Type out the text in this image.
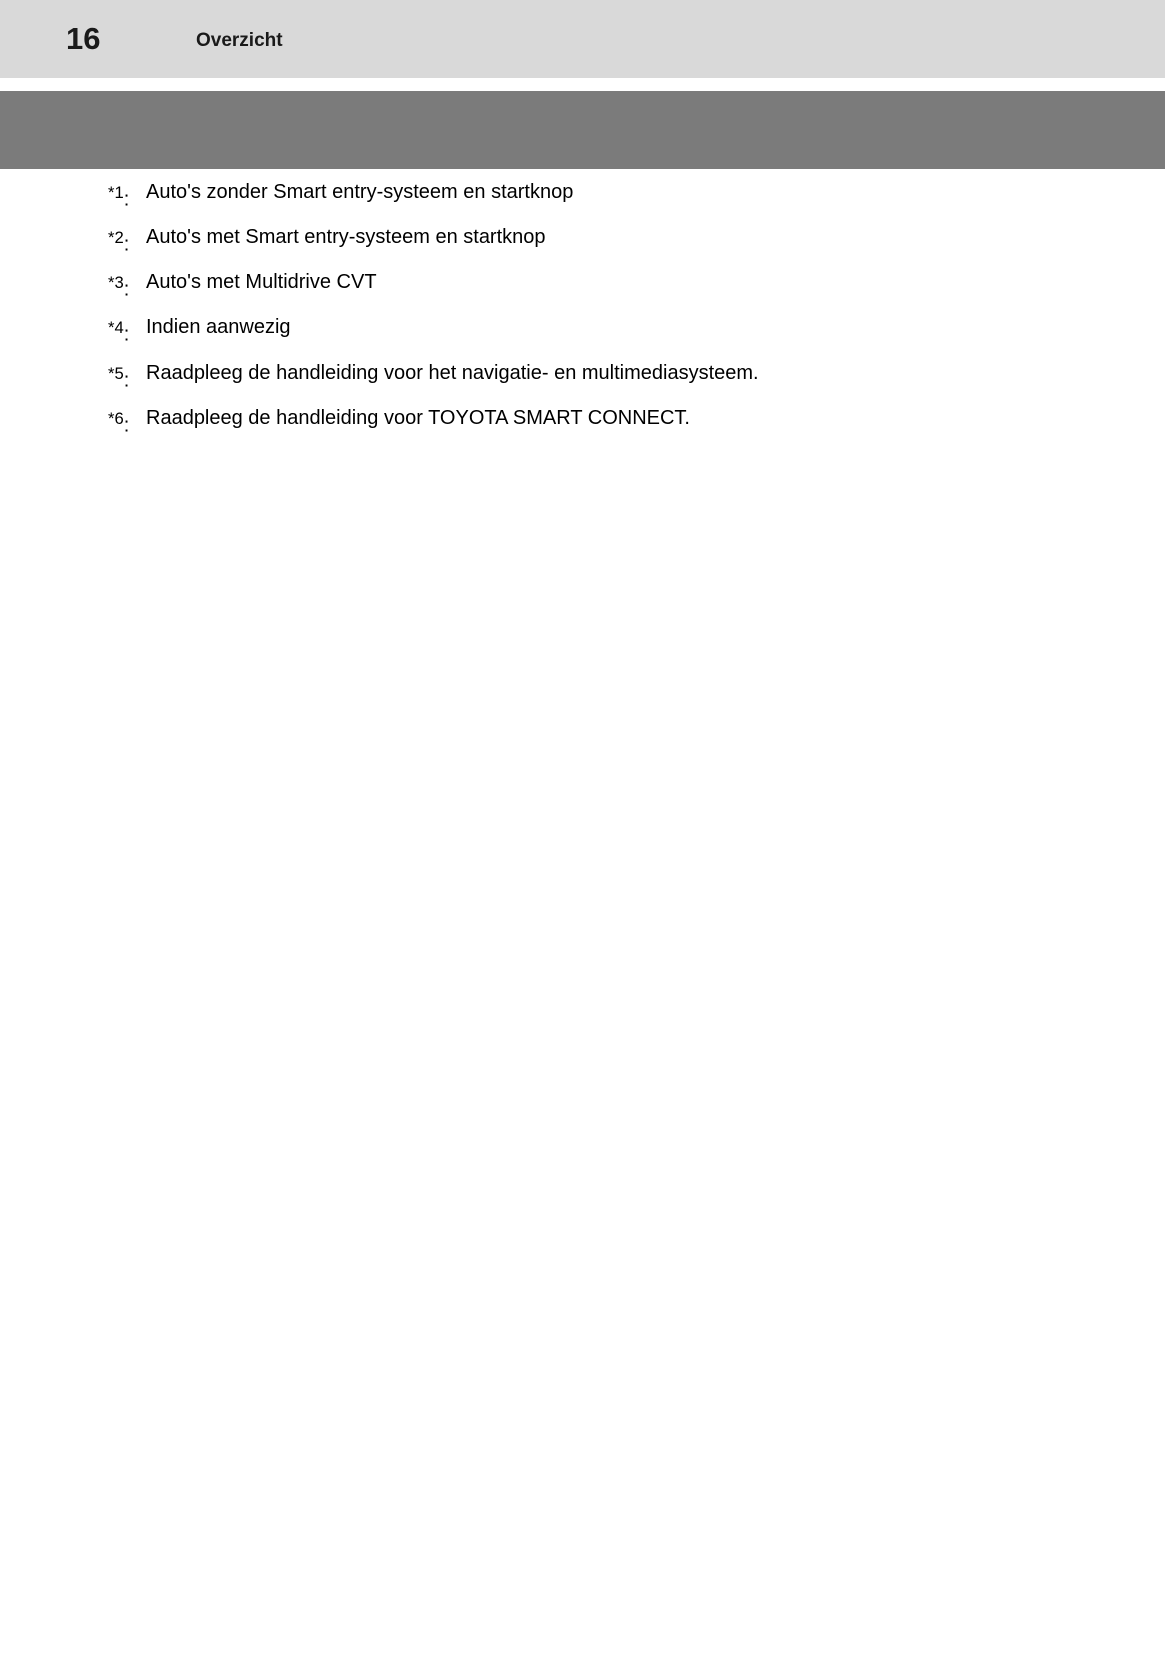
16	Overzicht
$^{*1}$: Auto's zonder Smart entry-systeem en startknop
$^{*2}$: Auto's met Smart entry-systeem en startknop
$^{*3}$: Auto's met Multidrive CVT
$^{*4}$: Indien aanwezig
$^{*5}$: Raadpleeg de handleiding voor het navigatie- en multimediasysteem.
$^{*6}$: Raadpleeg de handleiding voor TOYOTA SMART CONNECT.
